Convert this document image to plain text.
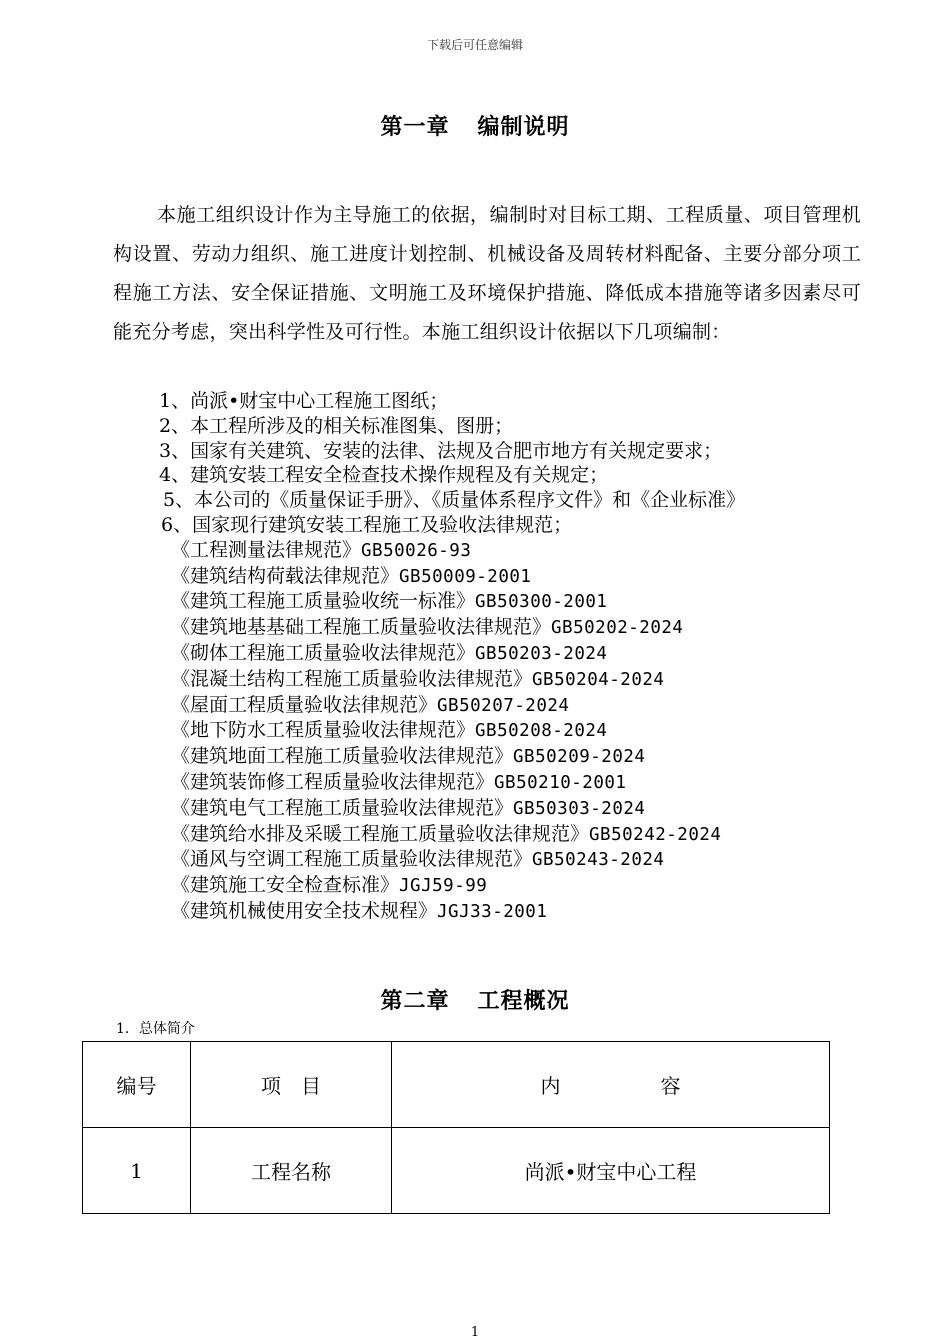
下载后可任意编辑
第一章 编制说明
本施工组织设计作为主导施工的依据，编制时对目标工期、工程质量、项目管理机构设置、劳动力组织、施工进度计划控制、机械设备及周转材料配备、主要分部分项工程施工方法、安全保证措施、文明施工及环境保护措施、降低成本措施等诸多因素尽可能充分考虑，突出科学性及可行性。本施工组织设计依据以下几项编制：
1、尚派•财宝中心工程施工图纸；
2、本工程所涉及的相关标准图集、图册；
3、国家有关建筑、安装的法律、法规及合肥市地方有关规定要求；
4、建筑安装工程安全检查技术操作规程及有关规定；
5、本公司的《质量保证手册》、《质量体系程序文件》和《企业标准》
6、国家现行建筑安装工程施工及验收法律规范；
《工程测量法律规范》GB50026-93
《建筑结构荷载法律规范》GB50009-2001
《建筑工程施工质量验收统一标准》GB50300-2001
《建筑地基基础工程施工质量验收法律规范》GB50202-2024
《砌体工程施工质量验收法律规范》GB50203-2024
《混凝土结构工程施工质量验收法律规范》GB50204-2024
《屋面工程质量验收法律规范》GB50207-2024
《地下防水工程质量验收法律规范》GB50208-2024
《建筑地面工程施工质量验收法律规范》GB50209-2024
《建筑装饰修工程质量验收法律规范》GB50210-2001
《建筑电气工程施工质量验收法律规范》GB50303-2024
《建筑给水排及采暖工程施工质量验收法律规范》GB50242-2024
《通风与空调工程施工质量验收法律规范》GB50243-2024
《建筑施工安全检查标准》JGJ59-99
《建筑机械使用安全技术规程》JGJ33-2001
第二章 工程概况
1．总体简介
编号	项　目	内　　　　　容
1	工程名称	尚派•财宝中心工程
1
